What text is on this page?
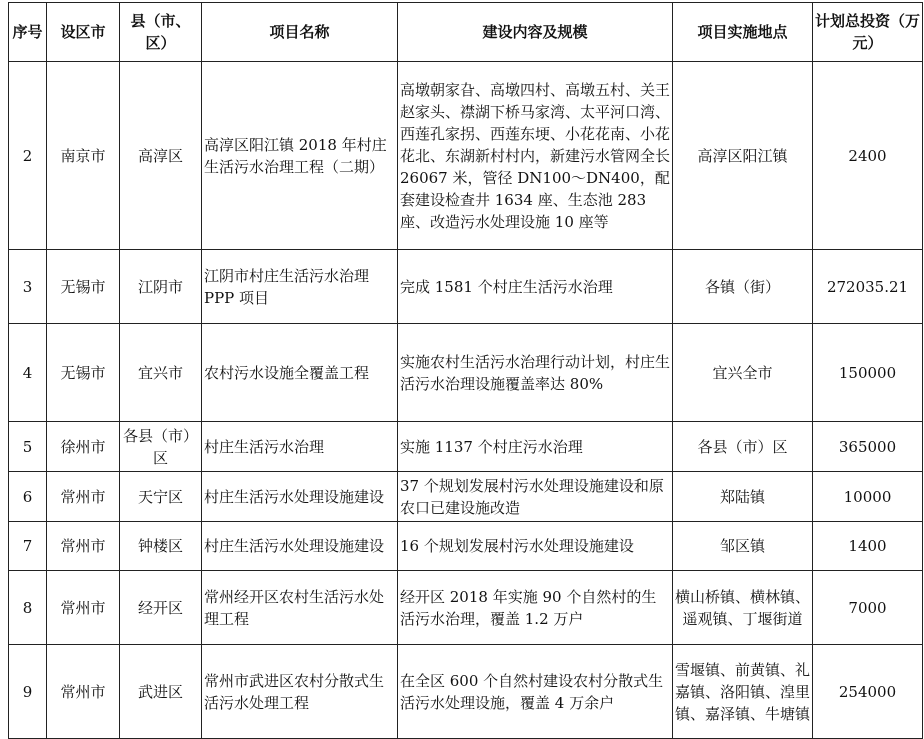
序号	设区市	县（市、区）	项目名称	建设内容及规模	项目实施地点	计划总投资（万元）
2	南京市	高淳区	高淳区阳江镇 2018 年村庄生活污水治理工程（二期）	高墩朝家旮、高墩四村、高墩五村、关王赵家头、襟湖下桥马家湾、太平河口湾、西莲孔家拐、西莲东埂、小花花南、小花花北、东湖新村村内，新建污水管网全长 26067 米，管径 DN100～DN400，配套建设检查井 1634 座、生态池 283 座、改造污水处理设施 10 座等	高淳区阳江镇	2400
3	无锡市	江阴市	江阴市村庄生活污水治理 PPP 项目	完成 1581 个村庄生活污水治理	各镇（街）	272035.21
4	无锡市	宜兴市	农村污水设施全覆盖工程	实施农村生活污水治理行动计划，村庄生活污水治理设施覆盖率达 80%	宜兴全市	150000
5	徐州市	各县（市）区	村庄生活污水治理	实施 1137 个村庄污水治理	各县（市）区	365000
6	常州市	天宁区	村庄生活污水处理设施建设	37 个规划发展村污水处理设施建设和原农口已建设施改造	郑陆镇	10000
7	常州市	钟楼区	村庄生活污水处理设施建设	16 个规划发展村污水处理设施建设	邹区镇	1400
8	常州市	经开区	常州经开区农村生活污水处理工程	经开区 2018 年实施 90 个自然村的生活污水治理，覆盖 1.2 万户	横山桥镇、横林镇、遥观镇、丁堰街道	7000
9	常州市	武进区	常州市武进区农村分散式生活污水处理工程	在全区 600 个自然村建设农村分散式生活污水处理设施，覆盖 4 万余户	雪堰镇、前黄镇、礼嘉镇、洛阳镇、湟里镇、嘉泽镇、牛塘镇	254000
